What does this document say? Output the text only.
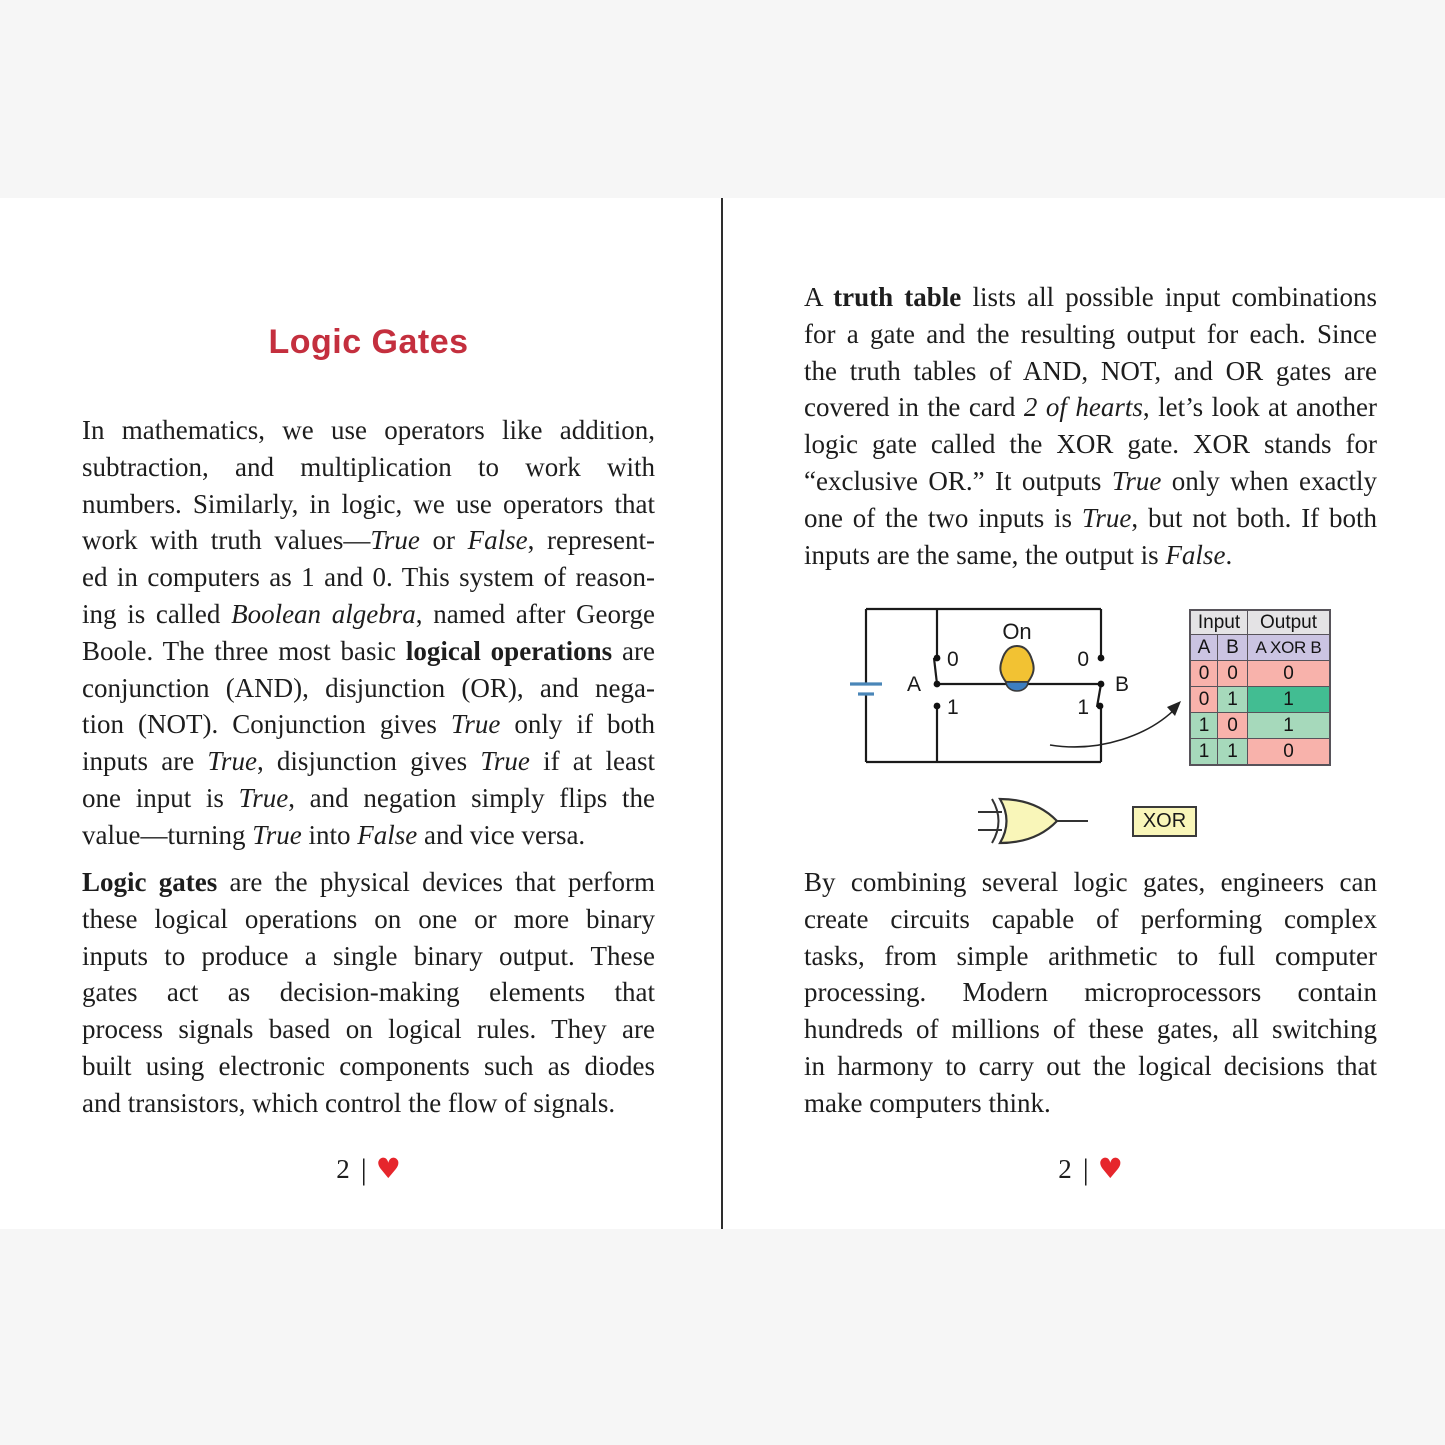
Logic Gates
In mathematics, we use operators like addition,
subtraction, and multiplication to work with
numbers. Similarly, in logic, we use operators that
work with truth values—True or False, represent-
ed in computers as 1 and 0. This system of reason-
ing is called Boolean algebra, named after George
Boole. The three most basic logical operations are
conjunction (AND), disjunction (OR), and nega-
tion (NOT). Conjunction gives True only if both
inputs are True, disjunction gives True if at least
one input is True, and negation simply flips the
value—turning True into False and vice versa.
Logic gates are the physical devices that perform
these logical operations on one or more binary
inputs to produce a single binary output. These
gates act as decision-making elements that
process signals based on logical rules. They are
built using electronic components such as diodes
and transistors, which control the flow of signals.
2 | ♥
A truth table lists all possible input combinations
for a gate and the resulting output for each. Since
the truth tables of AND, NOT, and OR gates are
covered in the card 2 of hearts, let’s look at another
logic gate called the XOR gate. XOR stands for
“exclusive OR.” It outputs True only when exactly
one of the two inputs is True, but not both. If both
inputs are the same, the output is False.
A
0
1
0
1
B
On	Input	Output
A B A XOR B
0 0	0
0 1	1
1 0	1
1 1	0
XOR
By combining several logic gates, engineers can
create circuits capable of performing complex
tasks, from simple arithmetic to full computer
processing. Modern microprocessors contain
hundreds of millions of these gates, all switching
in harmony to carry out the logical decisions that
make computers think.
2 | ♥
